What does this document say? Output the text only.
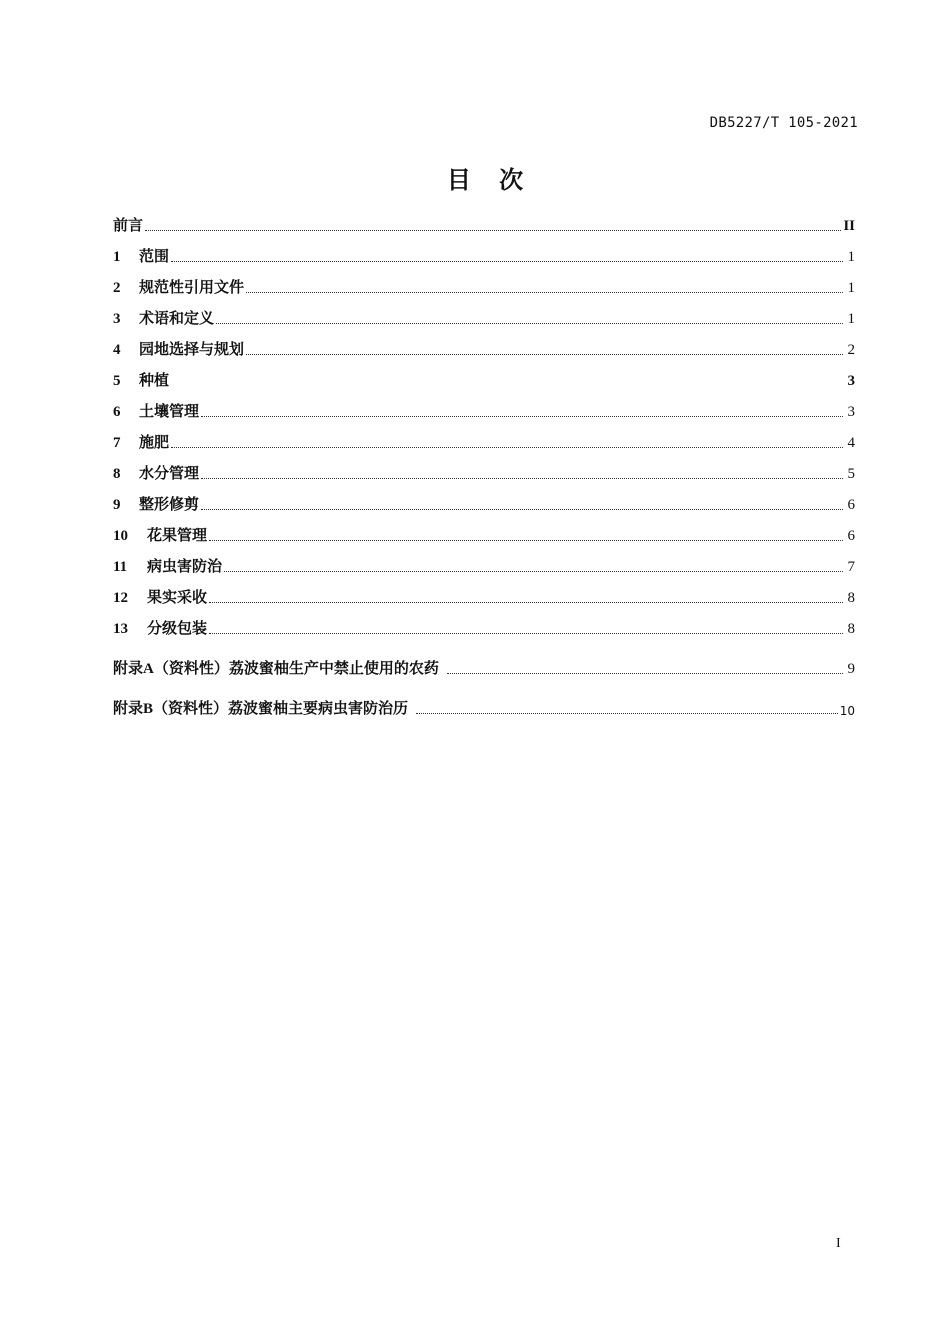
DB5227/T 105-2021
目 次
前言	II
1 范围	1
2 规范性引用文件	1
3 术语和定义	1
4 园地选择与规划	2
5 种植	3
6 土壤管理	3
7 施肥	4
8 水分管理	5
9 整形修剪	6
10 花果管理	6
11 病虫害防治	7
12 果实采收	8
13 分级包装	8
附录A（资料性）荔波蜜柚生产中禁止使用的农药	9
附录B（资料性）荔波蜜柚主要病虫害防治历	10
I
